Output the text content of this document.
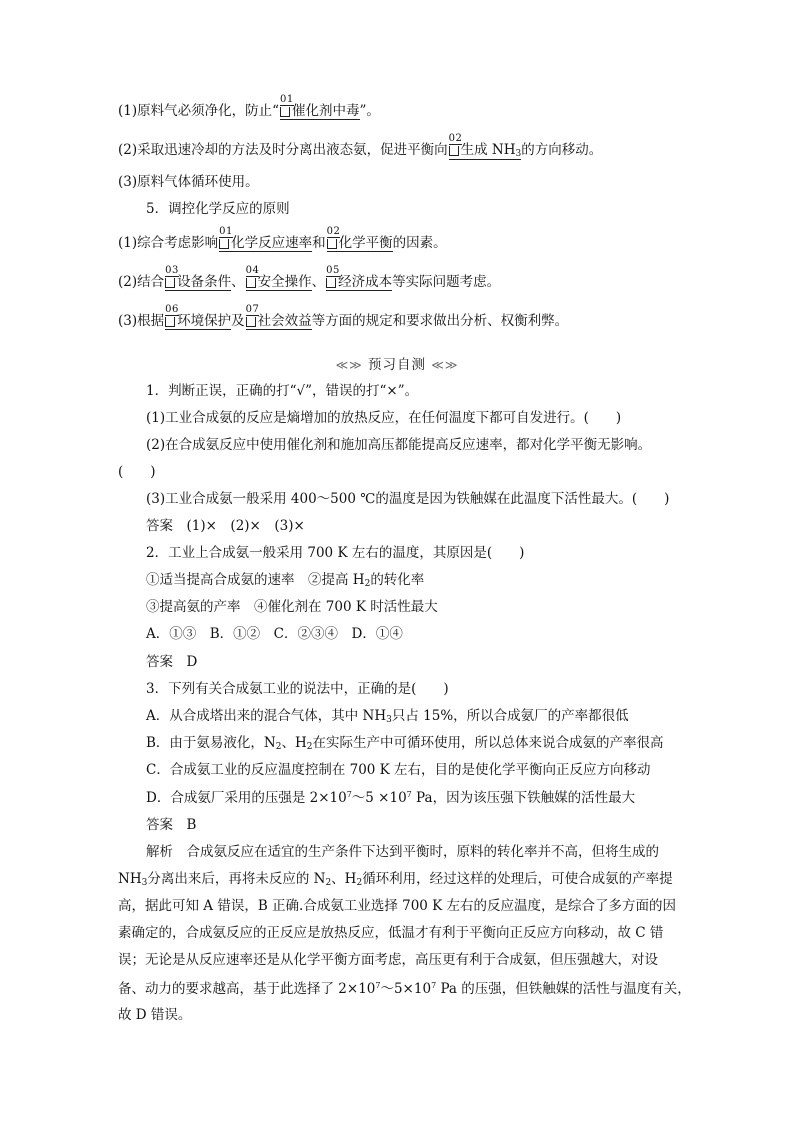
(1)原料气必须净化，防止“
01
催化剂中毒”。
(2)采取迅速冷却的方法及时分离出液态氨，促进平衡向
02
生成 $NH_3$的方向移动。
(3)原料气体循环使用。
5．调控化学反应的原则
(1)综合考虑影响
01
化学反应速率和
02
化学平衡的因素。
(2)结合
03
设备条件、
04
安全操作、
05
经济成本等实际问题考虑。
(3)根据
06
环境保护及
07
社会效益等方面的规定和要求做出分析、权衡利弊。
≪≫ 预习自测 ≪≫
1．判断正误，正确的打“√”，错误的打“×”。
(1)工业合成氨的反应是熵增加的放热反应，在任何温度下都可自发进行。(　　)
(2)在合成氨反应中使用催化剂和施加高压都能提高反应速率，都对化学平衡无影响。
(　　)
(3)工业合成氨一般采用 400～500 ℃的温度是因为铁触媒在此温度下活性最大。(　　)
答案　 (1)×　(2)×　(3)×
2．工业上合成氨一般采用 700 K 左右的温度，其原因是(　　)
①适当提高合成氨的速率　②提高 $H_2$的转化率
③提高氨的产率　④催化剂在 700 K 时活性最大
A．①③　B．①②　C．②③④　D．①④
答案　 D
3．下列有关合成氨工业的说法中，正确的是(　　)
A．从合成塔出来的混合气体，其中 $NH_3$只占 15%，所以合成氨厂的产率都很低
B．由于氨易液化，$N_2$、$H_2$在实际生产中可循环使用，所以总体来说合成氨的产率很高
C．合成氨工业的反应温度控制在 700 K 左右，目的是使化学平衡向正反应方向移动
D．合成氨厂采用的压强是 $2\times 10^7\sim 5 \times 10^7$ Pa，因为该压强下铁触媒的活性最大
答案　 B
解析　 合成氨反应在适宜的生产条件下达到平衡时，原料的转化率并不高，但将生成的
$NH_3$分离出来后，再将未反应的 $N_2$、$H_2$循环利用，经过这样的处理后，可使合成氨的产率提
高，据此可知 A 错误，B 正确.合成氨工业选择 700 K 左右的反应温度，是综合了多方面的因
素确定的，合成氨反应的正反应是放热反应，低温才有利于平衡向正反应方向移动，故 C 错
误；无论是从反应速率还是从化学平衡方面考虑，高压更有利于合成氨，但压强越大，对设
备、动力的要求越高，基于此选择了 $2\times 10^7\sim 5\times 10^7$ Pa 的压强，但铁触媒的活性与温度有关，
故 D 错误。
